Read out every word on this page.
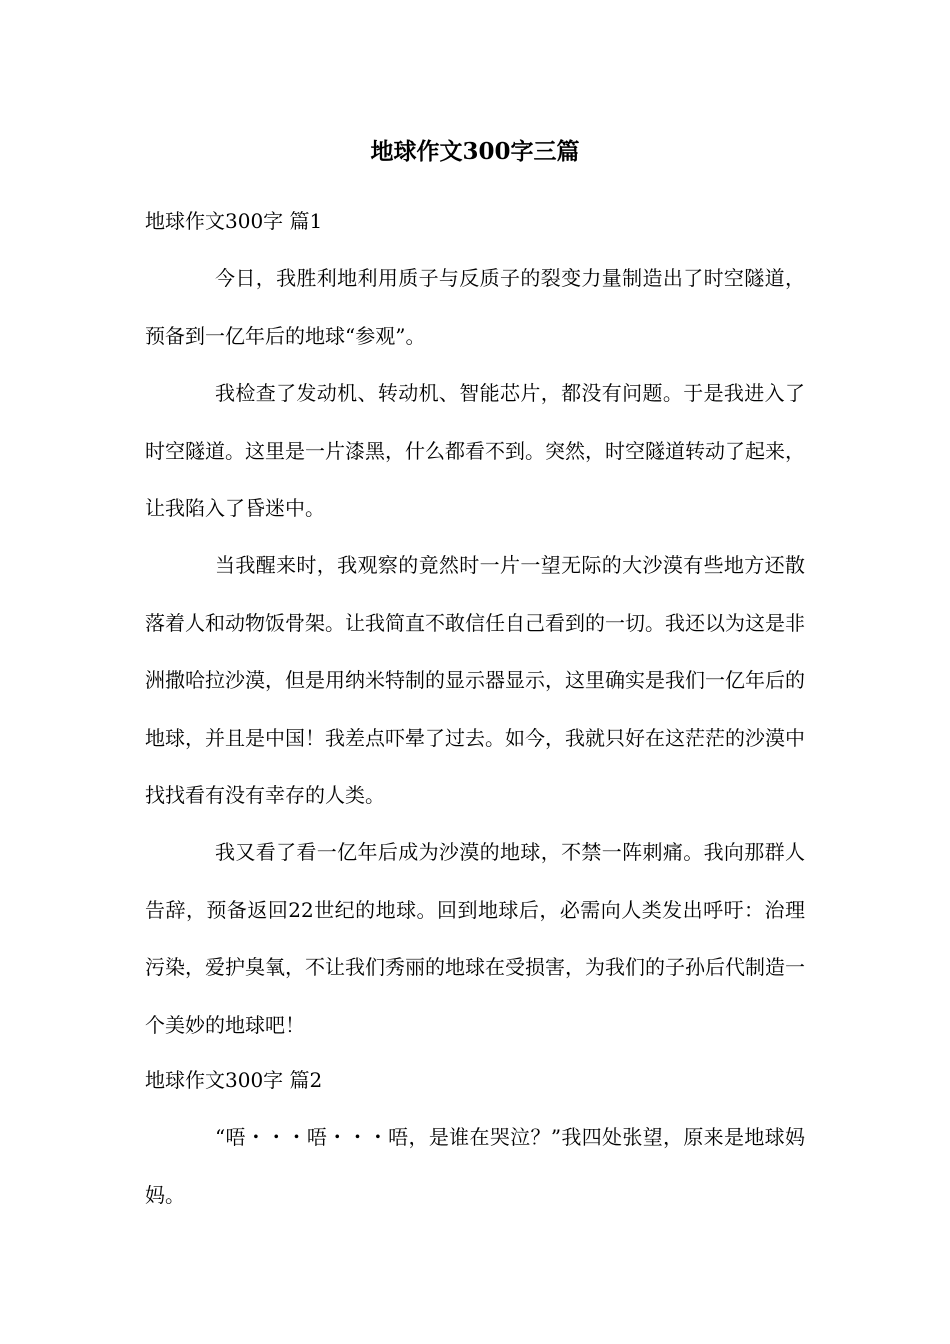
地球作文300字三篇
地球作文300字 篇1

今日，我胜利地利用质子与反质子的裂变力量制造出了时空隧道，预备到一亿年后的地球“参观”。

我检查了发动机、转动机、智能芯片，都没有问题。于是我进入了时空隧道。这里是一片漆黑，什么都看不到。突然，时空隧道转动了起来，让我陷入了昏迷中。

当我醒来时，我观察的竟然时一片一望无际的大沙漠有些地方还散落着人和动物饭骨架。让我简直不敢信任自己看到的一切。我还以为这是非洲撒哈拉沙漠，但是用纳米特制的显示器显示，这里确实是我们一亿年后的地球，并且是中国！我差点吓晕了过去。如今，我就只好在这茫茫的沙漠中找找看有没有幸存的人类。

我又看了看一亿年后成为沙漠的地球，不禁一阵刺痛。我向那群人告辞，预备返回22世纪的地球。回到地球后，必需向人类发出呼吁：治理污染，爱护臭氧，不让我们秀丽的地球在受损害，为我们的子孙后代制造一个美妙的地球吧！

地球作文300字 篇2

“唔・・・唔・・・唔，是谁在哭泣？”我四处张望，原来是地球妈妈。
